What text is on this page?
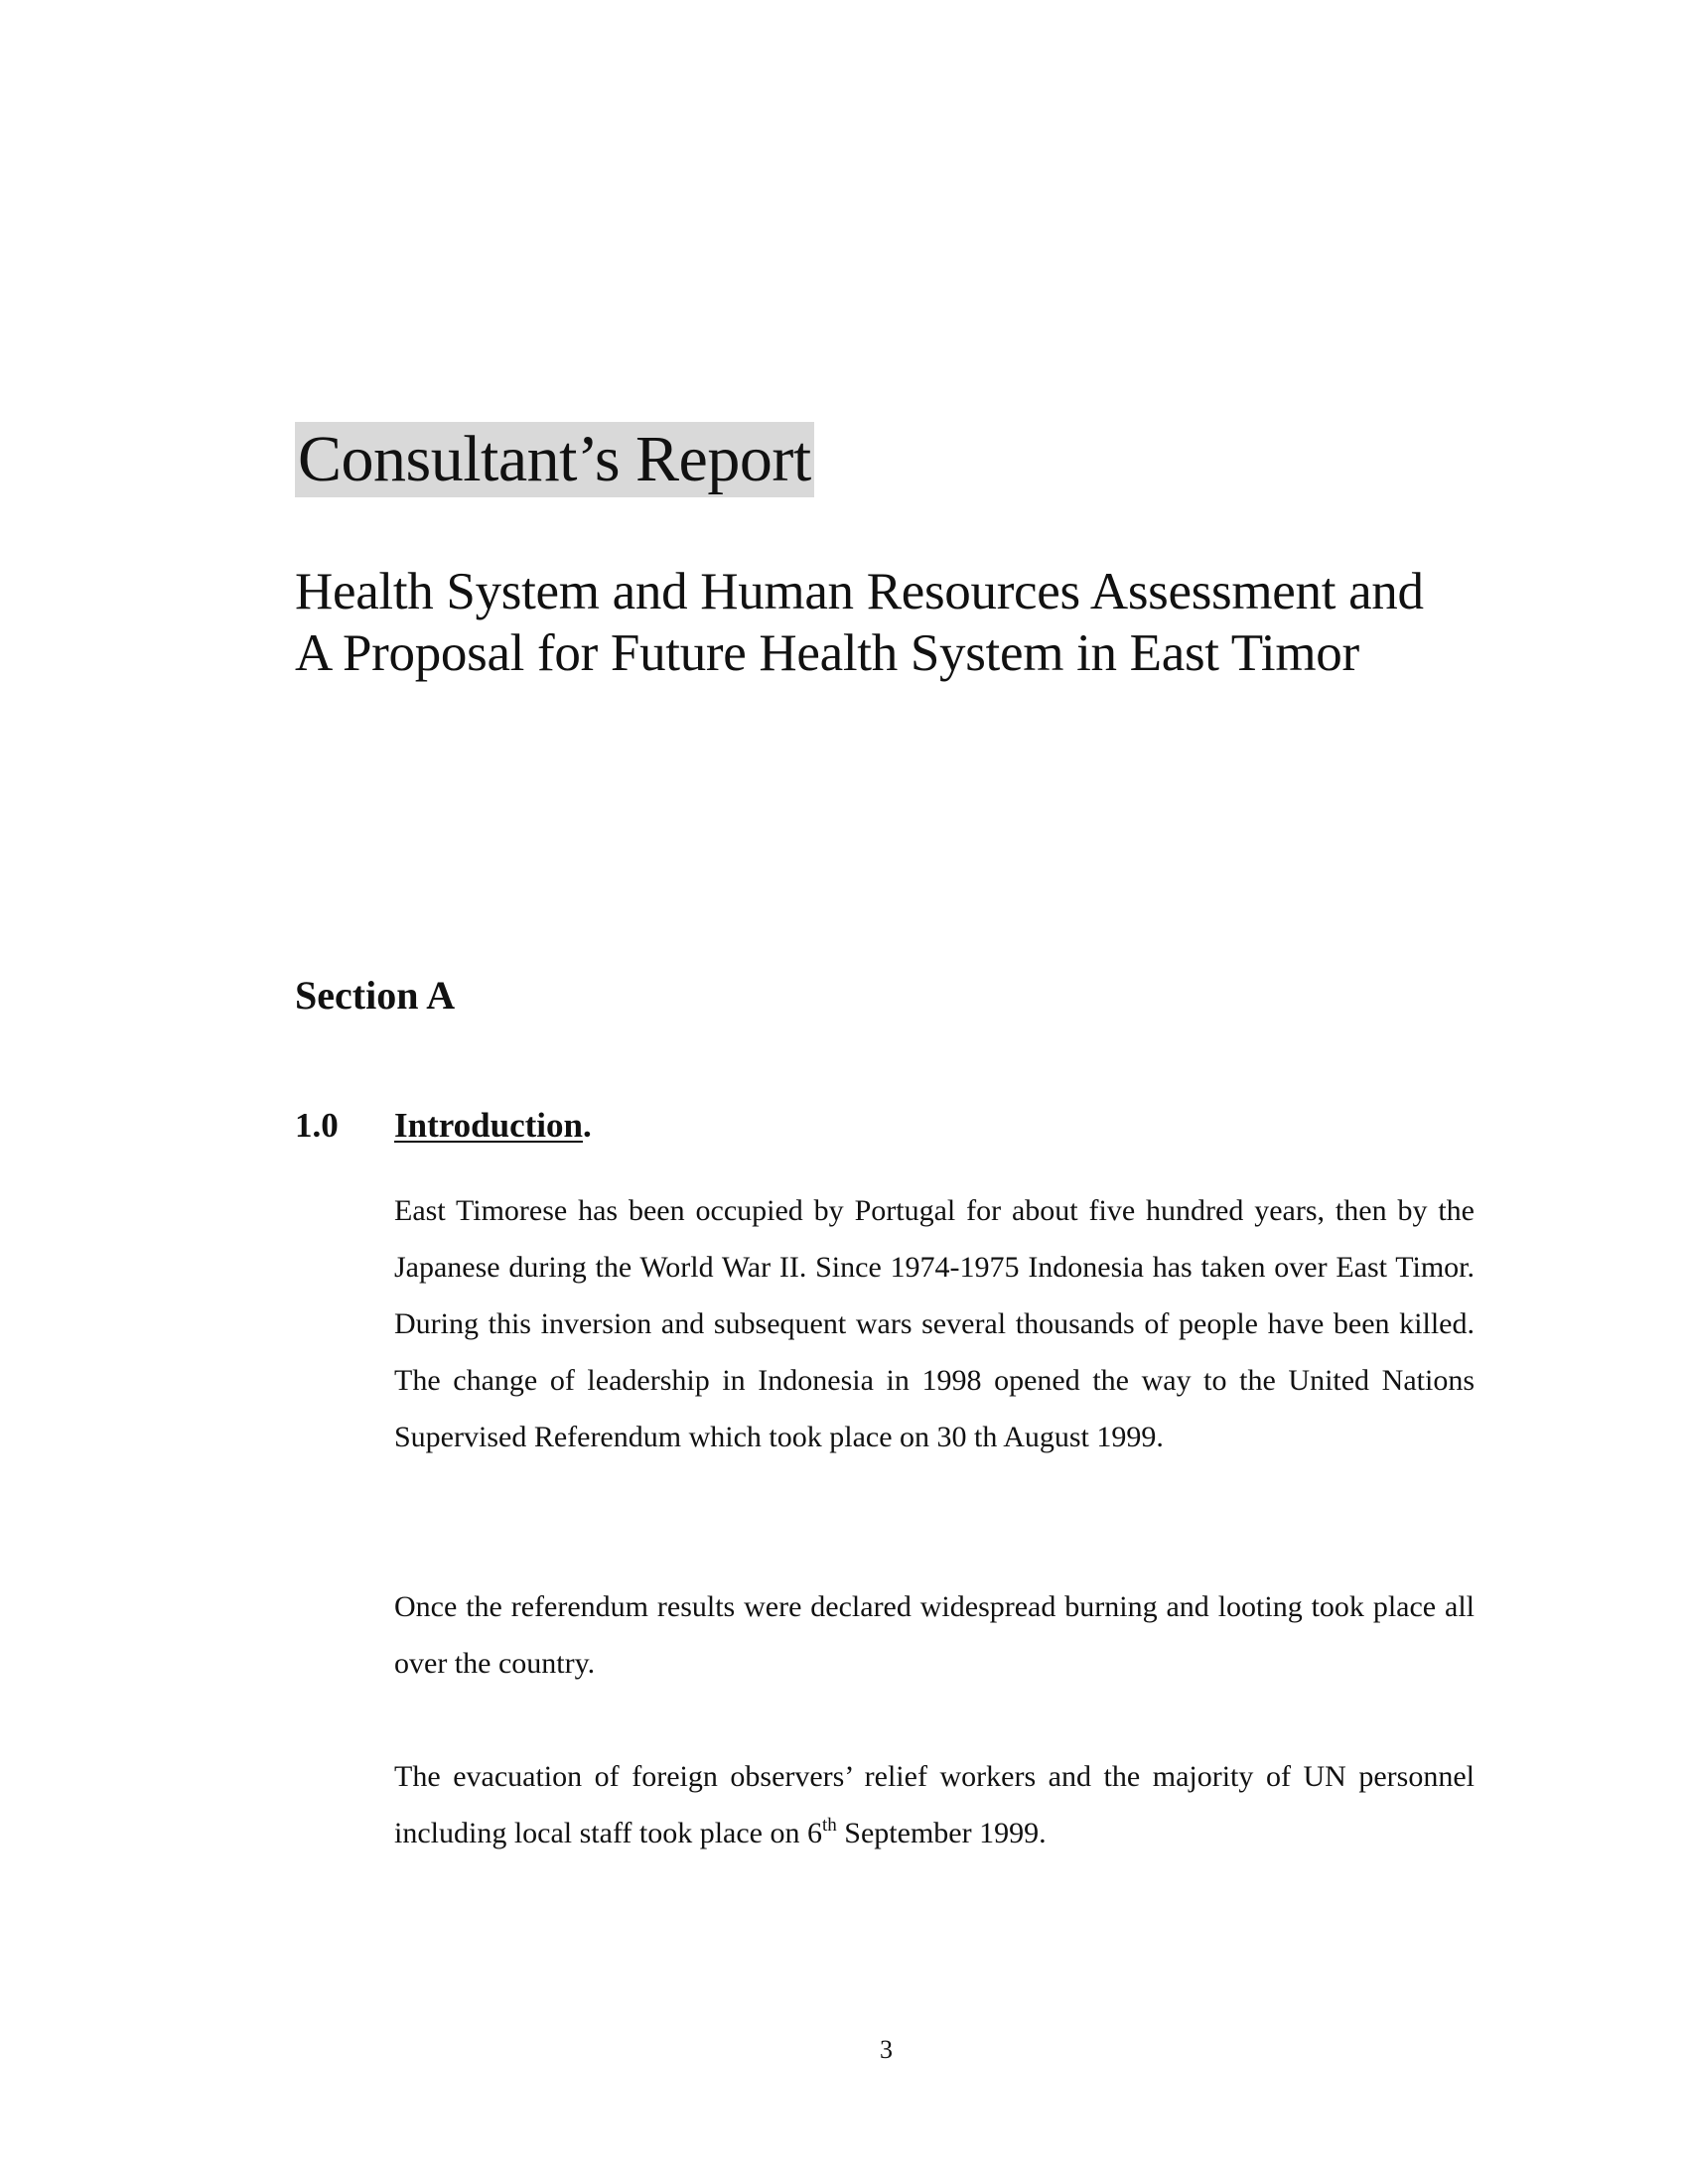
Consultant’s Report
Health System and Human Resources Assessment and A Proposal for Future Health System in East Timor
Section A
1.0 Introduction.

East Timorese has been occupied by Portugal for about five hundred years, then by the Japanese during the World War II. Since 1974-1975 Indonesia has taken over East Timor. During this inversion and subsequent wars several thousands of people have been killed. The change of leadership in Indonesia in 1998 opened the way to the United Nations Supervised Referendum which took place on 30 th August 1999.

Once the referendum results were declared widespread burning and looting took place all over the country.

The evacuation of foreign observers’ relief workers and the majority of UN personnel including local staff took place on 6th September 1999.

3
